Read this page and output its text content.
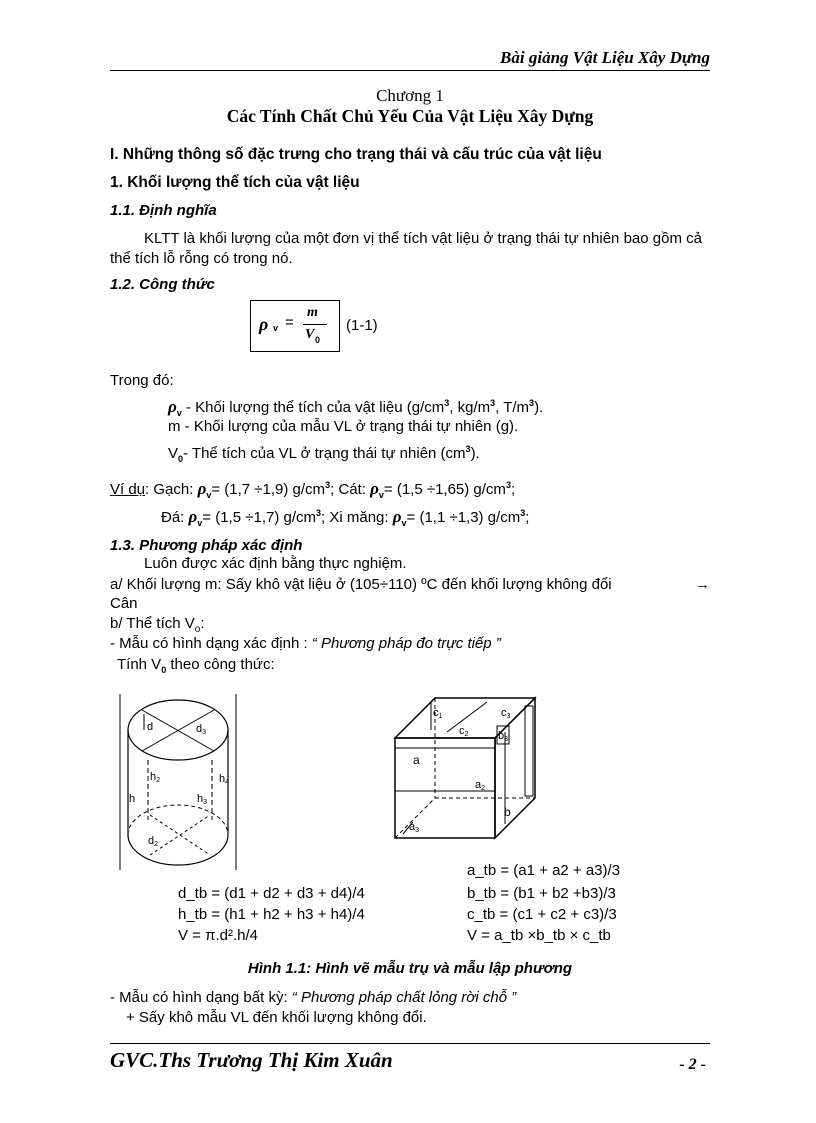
Bài giảng Vật Liệu Xây Dựng
Chương 1
Các Tính Chất Chủ Yếu Của Vật Liệu Xây Dựng
I. Những thông số đặc trưng cho trạng thái và cấu trúc của vật liệu
1. Khối lượng thể tích của vật liệu
1.1. Định nghĩa
KLTT là khối lượng của một đơn vị thể tích vật liệu ở trạng thái tự nhiên bao gồm cả thể tích lỗ rỗng có trong nó.
1.2. Công thức
ρ v =
m
V 0
(1-1)
Trong đó:
$\rho_v$ - Khối lượng thể tích của vật liệu ($g/cm^3$, $kg/m^3$, $T/m^3$).
m - Khối lượng của mẫu VL ở trạng thái tự nhiên (g).
$V_0-$ Thể tích của VL ở trạng thái tự nhiên $(cm^3)$.
Ví dụ: Gạch: $\rho_v= (1,7 \div 1,9)$ $g/cm^3$; Cát: $\rho_v= (1,5 \div 1,65)$ $g/cm^3$;
Đá: $\rho_v= (1,5 \div 1,7)$ $g/cm^3$; Xi măng: $\rho_v= (1,1 \div 1,3)$ $g/cm^3$;
1.3. Phương pháp xác định
Luôn được xác định bằng thực nghiệm.
a/ Khối lượng m: Sấy khô vật liệu ở (105÷110) ºC đến khối lượng không đổi	→
Cân
b/ Thể tích $V_o$:
- Mẫu có hình dạng xác định : “ Phương pháp đo trực tiếp ”
Tính $V_0$ theo công thức:
d	d3
h
h2
h3
h4
d2
c1
c2
c3
b3
a
a2
a3
b
a_tb = (a1 + a2 + a3)/3
b_tb = (b1 + b2 +b3)/3
c_tb = (c1 + c2 + c3)/3
V = a_tb ×b_tb × c_tb
d_tb = (d1 + d2 + d3 + d4)/4
h_tb = (h1 + h2 + h3 + h4)/4
V = π.d².h/4
Hình 1.1: Hình vẽ mẫu trụ và mẫu lập phương
- Mẫu có hình dạng bất kỳ: “ Phương pháp chất lỏng rời chỗ ”
+ Sấy khô mẫu VL đến khối lượng không đổi.
GVC.Ths Trương Thị Kim Xuân	- 2 -
